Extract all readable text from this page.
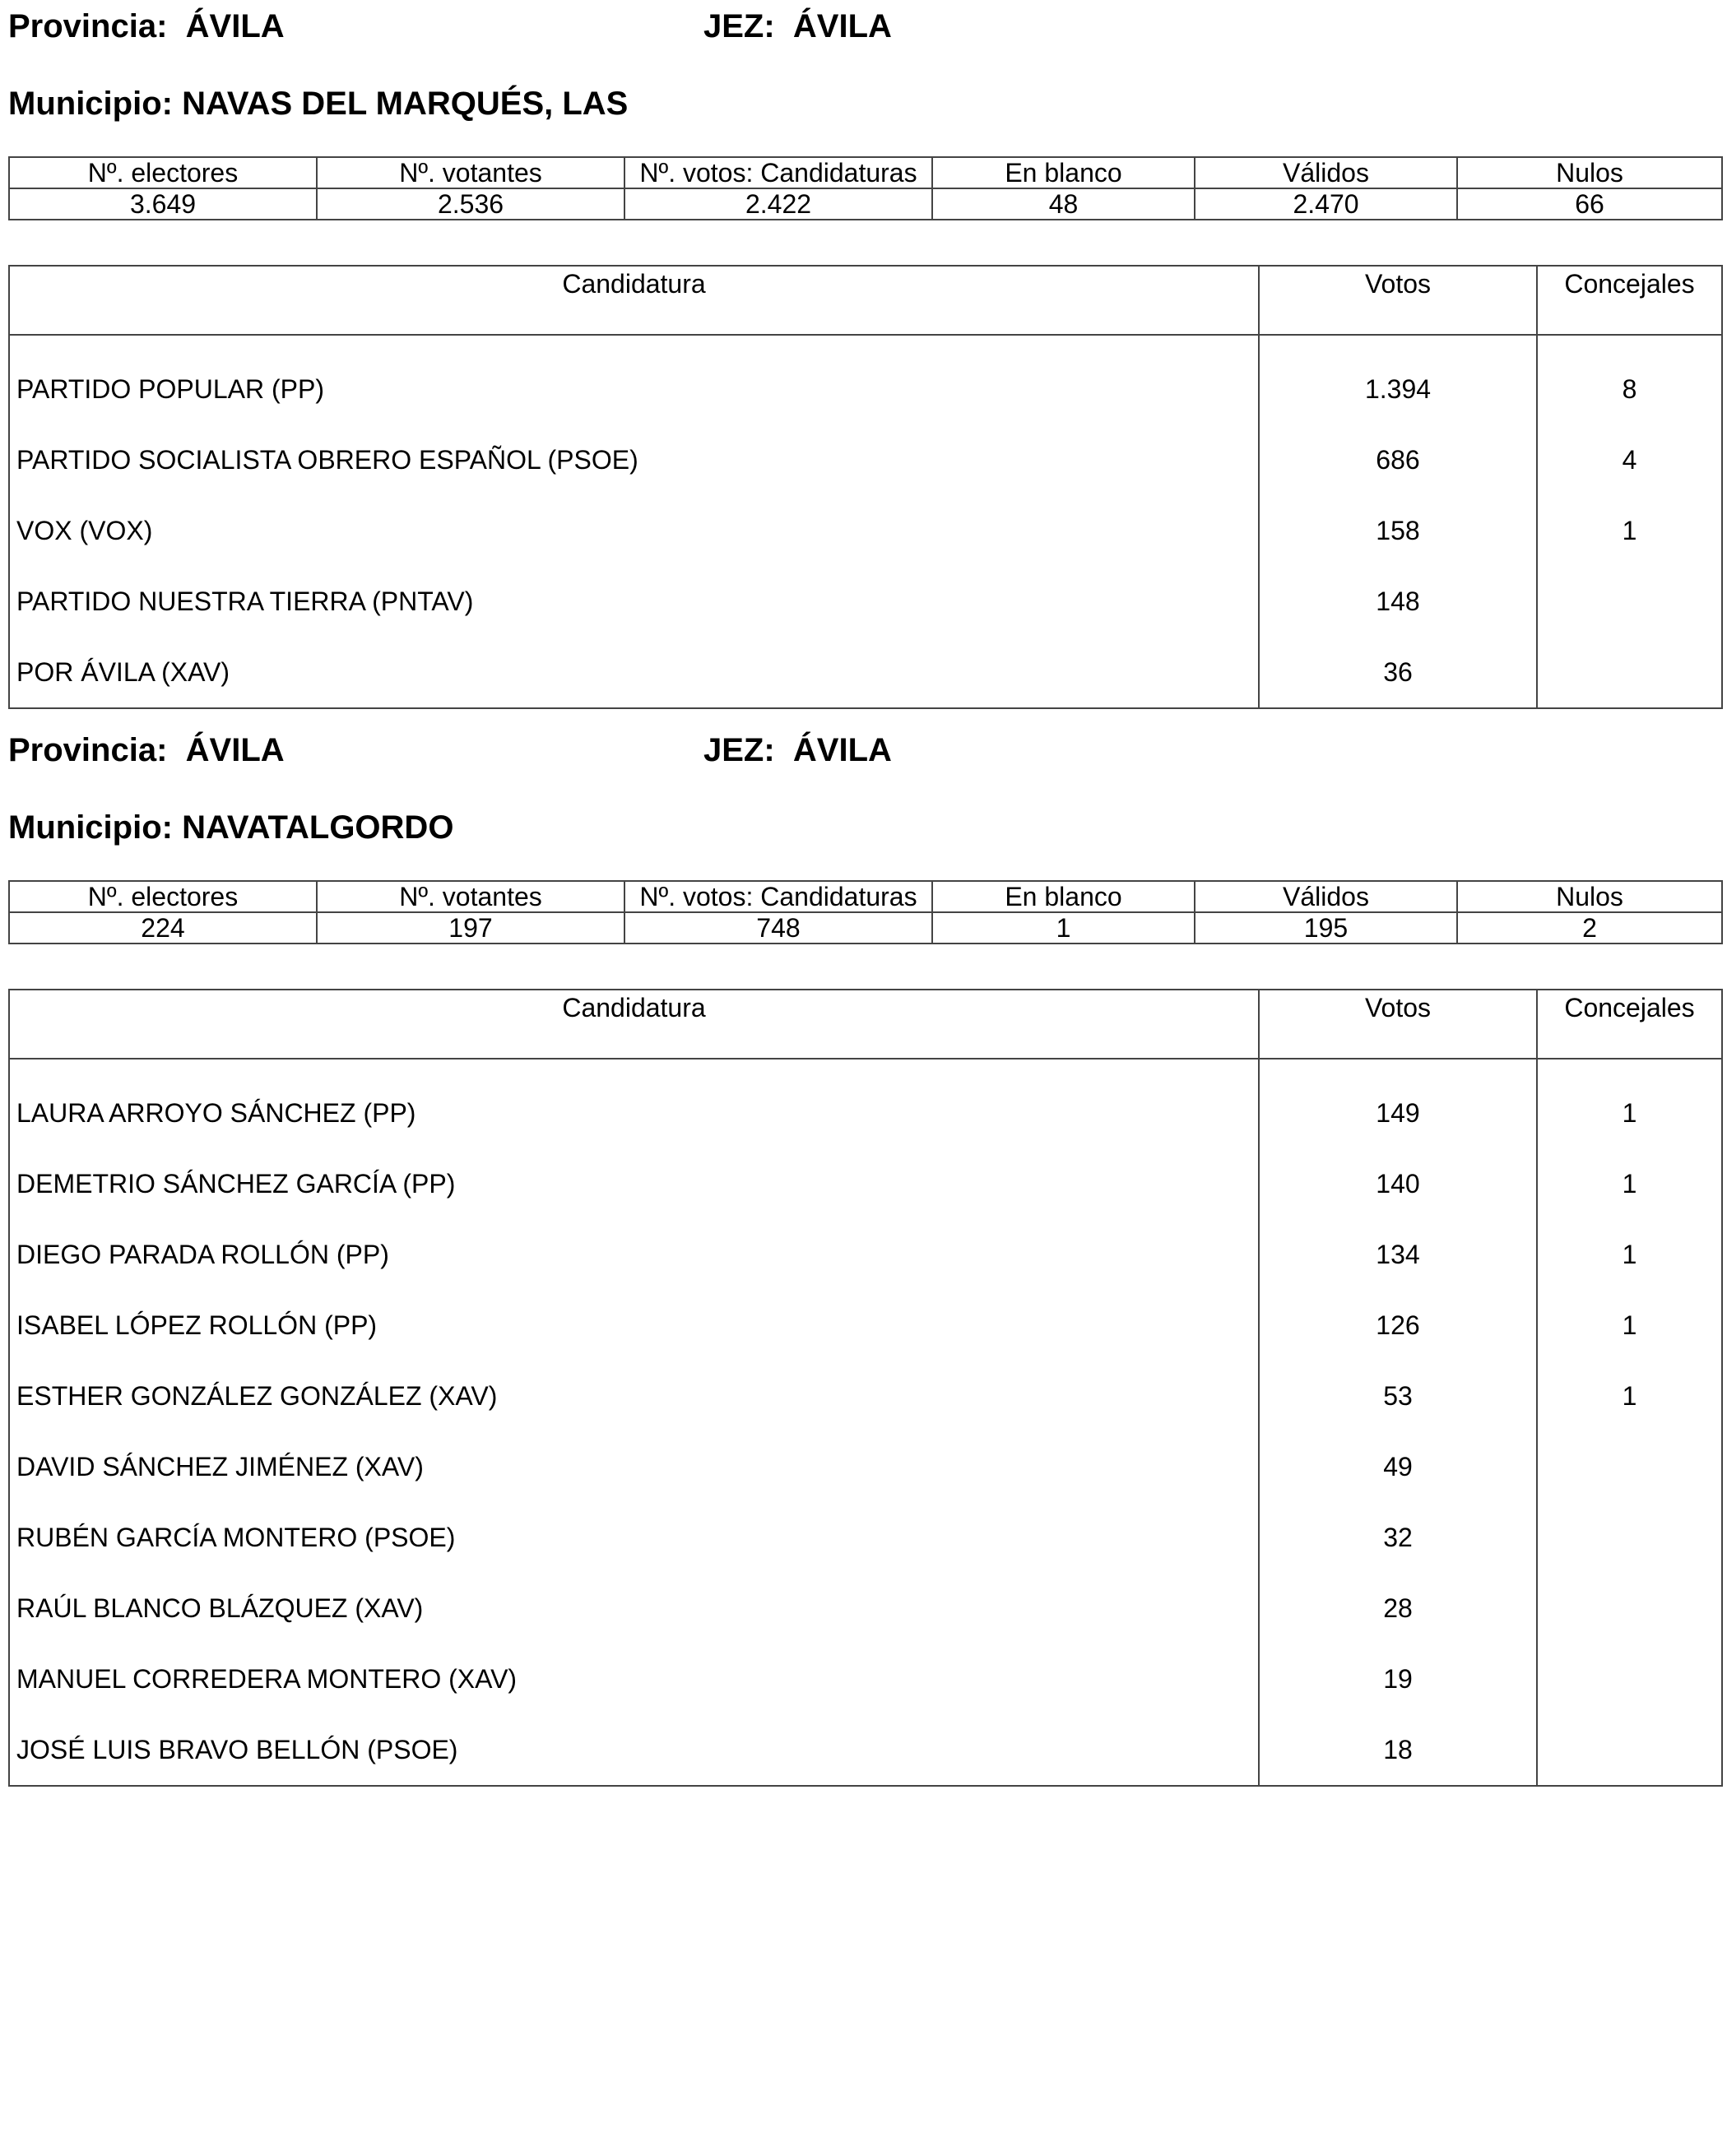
Provincia: ÁVILA	JEZ: ÁVILA
Municipio: NAVAS DEL MARQUÉS, LAS
Nº. electores	Nº. votantes	Nº. votos: Candidaturas	En blanco	Válidos	Nulos
3.649	2.536	2.422	48	2.470	66
Candidatura	Votos	Concejales
PARTIDO POPULAR (PP)	1.394	8
PARTIDO SOCIALISTA OBRERO ESPAÑOL (PSOE)	686	4
VOX (VOX)	158	1
PARTIDO NUESTRA TIERRA (PNTAV)	148	
POR ÁVILA (XAV)	36	
Provincia: ÁVILA	JEZ: ÁVILA
Municipio: NAVATALGORDO
Nº. electores	Nº. votantes	Nº. votos: Candidaturas	En blanco	Válidos	Nulos
224	197	748	1	195	2
Candidatura	Votos	Concejales
LAURA ARROYO SÁNCHEZ (PP)	149	1
DEMETRIO SÁNCHEZ GARCÍA (PP)	140	1
DIEGO PARADA ROLLÓN (PP)	134	1
ISABEL LÓPEZ ROLLÓN (PP)	126	1
ESTHER GONZÁLEZ GONZÁLEZ (XAV)	53	1
DAVID SÁNCHEZ JIMÉNEZ (XAV)	49	
RUBÉN GARCÍA MONTERO (PSOE)	32	
RAÚL BLANCO BLÁZQUEZ (XAV)	28	
MANUEL CORREDERA MONTERO (XAV)	19	
JOSÉ LUIS BRAVO BELLÓN (PSOE)	18	
